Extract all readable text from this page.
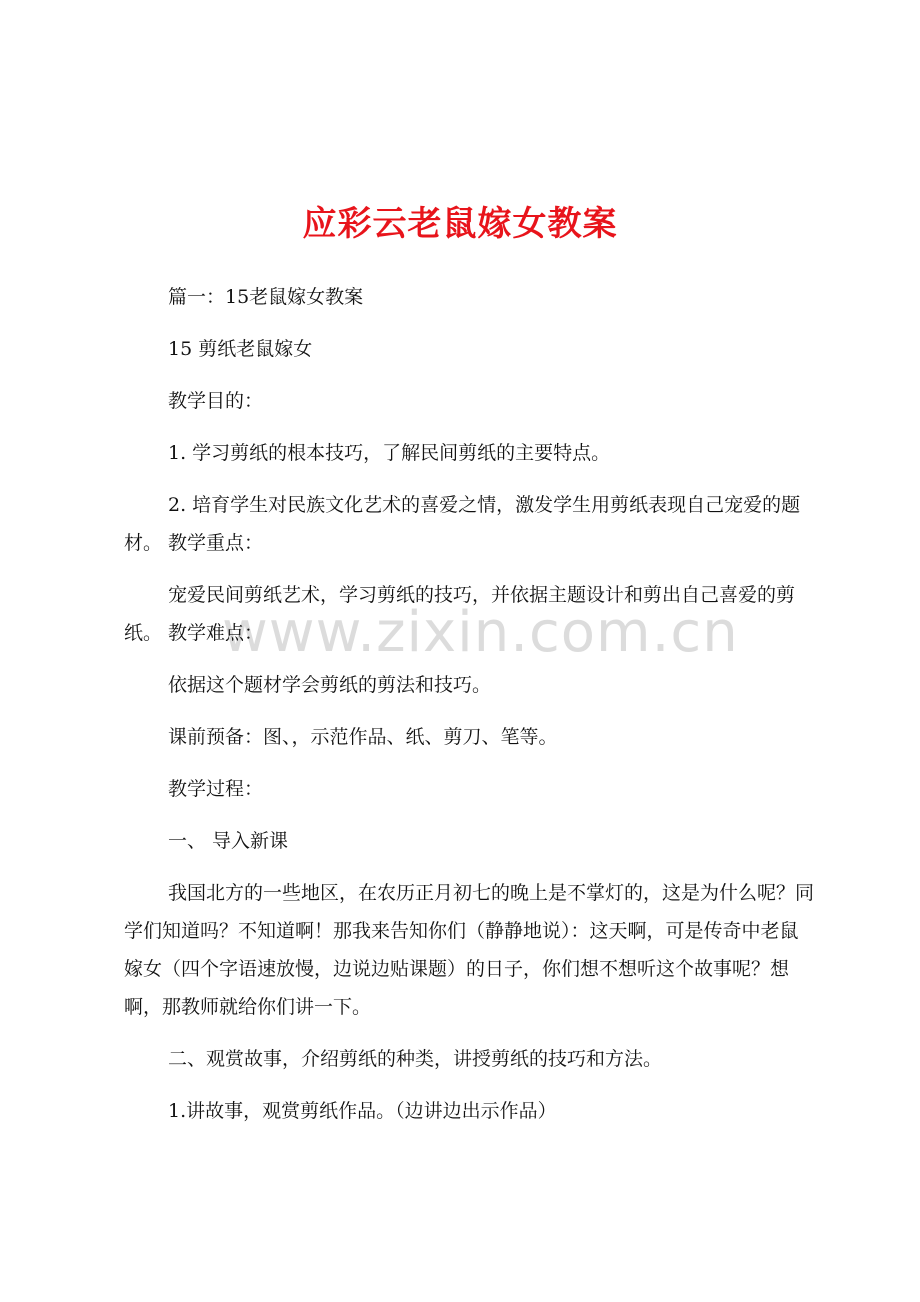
应彩云老鼠嫁女教案
www.zixin.com.cn

篇一：15老鼠嫁女教案

15 剪纸老鼠嫁女

教学目的：

1. 学习剪纸的根本技巧，了解民间剪纸的主要特点。

2. 培育学生对民族文化艺术的喜爱之情，激发学生用剪纸表现自己宠爱的题材。 教学重点：

宠爱民间剪纸艺术，学习剪纸的技巧，并依据主题设计和剪出自己喜爱的剪纸。 教学难点：

依据这个题材学会剪纸的剪法和技巧。

课前预备：图、，示范作品、纸、剪刀、笔等。

教学过程：

一、 导入新课

我国北方的一些地区，在农历正月初七的晚上是不掌灯的，这是为什么呢？同学们知道吗？不知道啊！那我来告知你们（静静地说）：这天啊，可是传奇中老鼠嫁女（四个字语速放慢，边说边贴课题）的日子，你们想不想听这个故事呢？想啊，那教师就给你们讲一下。

二、观赏故事，介绍剪纸的种类，讲授剪纸的技巧和方法。

1.讲故事，观赏剪纸作品。（边讲边出示作品）
